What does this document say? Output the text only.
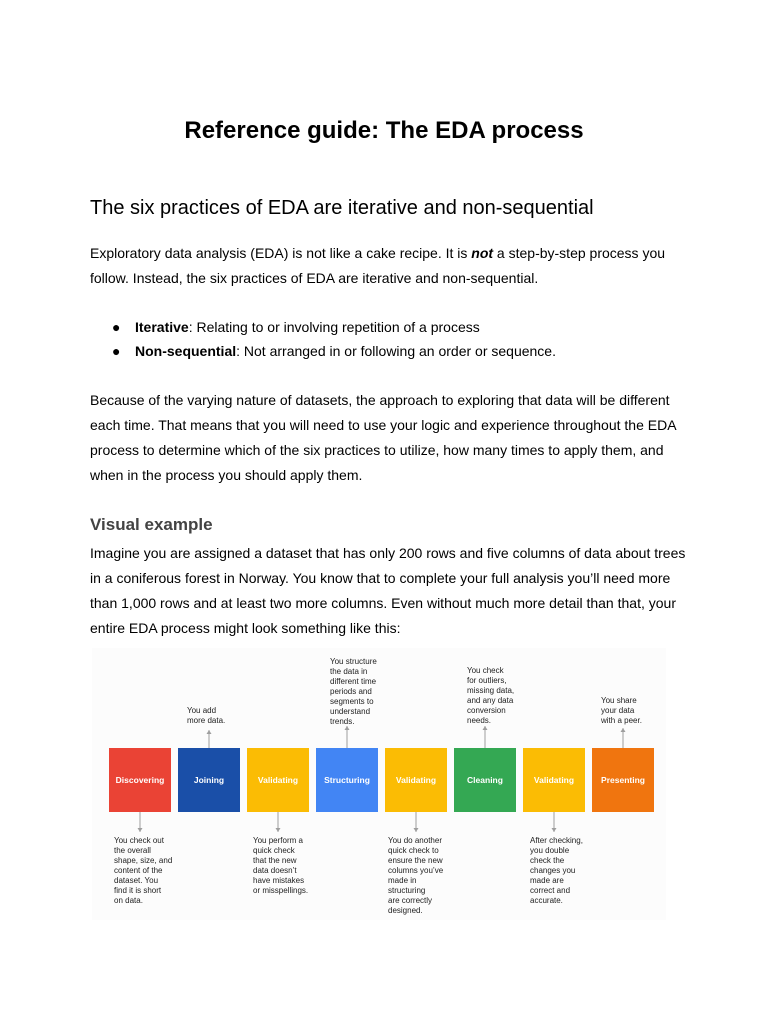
Reference guide: The EDA process
The six practices of EDA are iterative and non-sequential

Exploratory data analysis (EDA) is not like a cake recipe. It is not a step-by-step process you follow. Instead, the six practices of EDA are iterative and non-sequential.

● Iterative: Relating to or involving repetition of a process
● Non-sequential: Not arranged in or following an order or sequence.

Because of the varying nature of datasets, the approach to exploring that data will be different each time. That means that you will need to use your logic and experience throughout the EDA process to determine which of the six practices to utilize, how many times to apply them, and when in the process you should apply them.

Visual example

Imagine you are assigned a dataset that has only 200 rows and five columns of data about trees in a coniferous forest in Norway. You know that to complete your full analysis you’ll need more than 1,000 rows and at least two more columns. Even without much more detail than that, your entire EDA process might look something like this:

Discovering	Joining	Validating	Structuring	Validating	Cleaning	Validating	Presenting

You add
more data.

You structure
the data in
different time
periods and
segments to
understand
trends.

You check
for outliers,
missing data,
and any data
conversion
needs.

You share
your data
with a peer.

You check out
the overall
shape, size, and
content of the
dataset. You
find it is short
on data.

You perform a
quick check
that the new
data doesn’t
have mistakes
or misspellings.

You do another
quick check to
ensure the new
columns you’ve
made in
structuring
are correctly
designed.

After checking,
you double
check the
changes you
made are
correct and
accurate.
